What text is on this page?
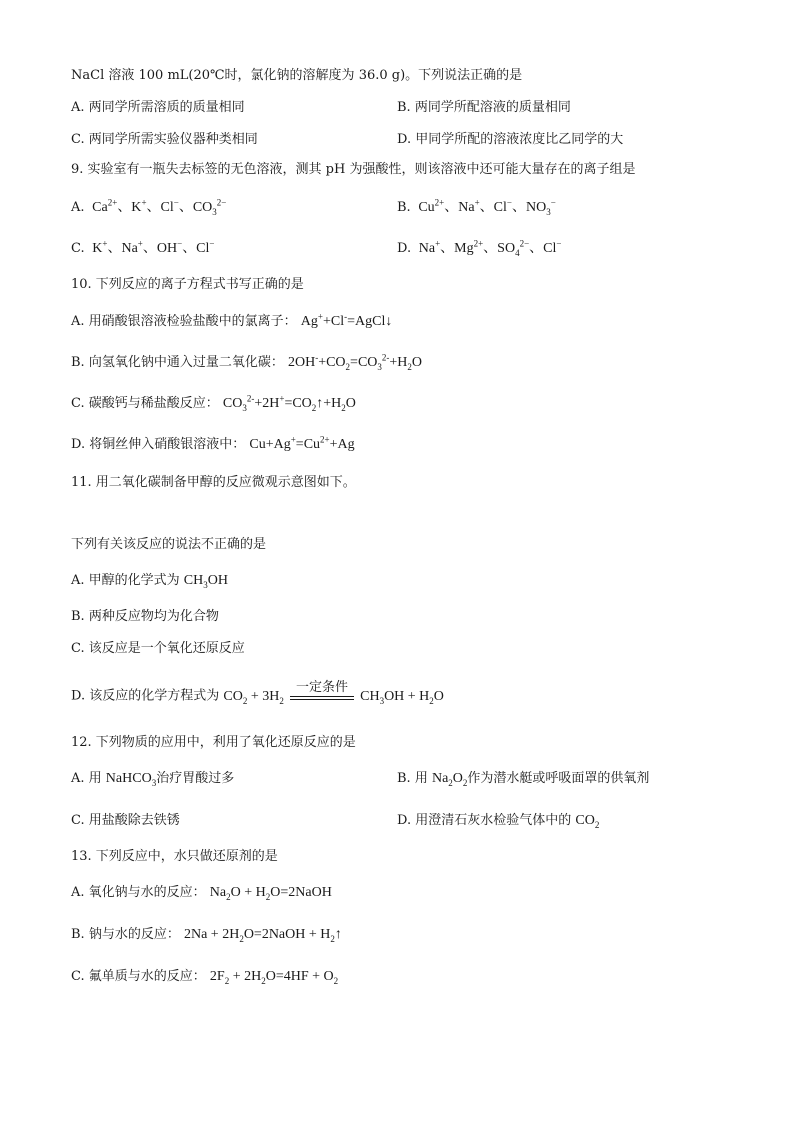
NaCl 溶液 100 mL(20℃时，氯化钠的溶解度为 36.0 g)。下列说法正确的是
A. 两同学所需溶质的质量相同	B. 两同学所配溶液的质量相同
C. 两同学所需实验仪器种类相同	D. 甲同学所配的溶液浓度比乙同学的大
9. 实验室有一瓶失去标签的无色溶液，测其 pH 为强酸性，则该溶液中还可能大量存在的离子组是
A.  $Ca^{2+}$、K+、Cl−、$CO_3^{2-}$	B.  $Cu^{2+}$、Na+、Cl−、$NO_3^-$
C.  K+、Na+、OH−、Cl−	D.  Na+、$Mg^{2+}$、$SO_4^{2-}$、Cl−
10. 下列反应的离子方程式书写正确的是
A. 用硝酸银溶液检验盐酸中的氯离子： Ag++Cl-=AgCl↓
B. 向氢氧化钠中通入过量二氧化碳： $2OH^-+CO_2=CO_3^{2-}+H_2O$
C. 碳酸钙与稀盐酸反应： $CO_3^{2-}+2H^+=CO_2↑+H_2O$
D. 将铜丝伸入硝酸银溶液中： $Cu+Ag^+=Cu^{2+}+Ag$
11. 用二氧化碳制备甲醇的反应微观示意图如下。
下列有关该反应的说法不正确的是
A. 甲醇的化学式为 $CH_3OH$
B. 两种反应物均为化合物
C. 该反应是一个氧化还原反应
D. 该反应的化学方程式为 $CO_2 + 3H_2$
一定条件
$CH_3OH + H_2O$
12. 下列物质的应用中，利用了氧化还原反应的是
A. 用 NaHCO$_3$治疗胃酸过多	B. 用 $Na_2O_2$作为潜水艇或呼吸面罩的供氧剂
C. 用盐酸除去铁锈	D. 用澄清石灰水检验气体中的 $CO_2$
13. 下列反应中，水只做还原剂的是
A. 氧化钠与水的反应： $Na_2O$ + $H_2O=2NaOH$
B. 钠与水的反应： $2Na + 2H_2O=2NaOH$ + $H_2↑$
C. 氟单质与水的反应： $2F_2 + 2H_2O=4HF + O_2$
